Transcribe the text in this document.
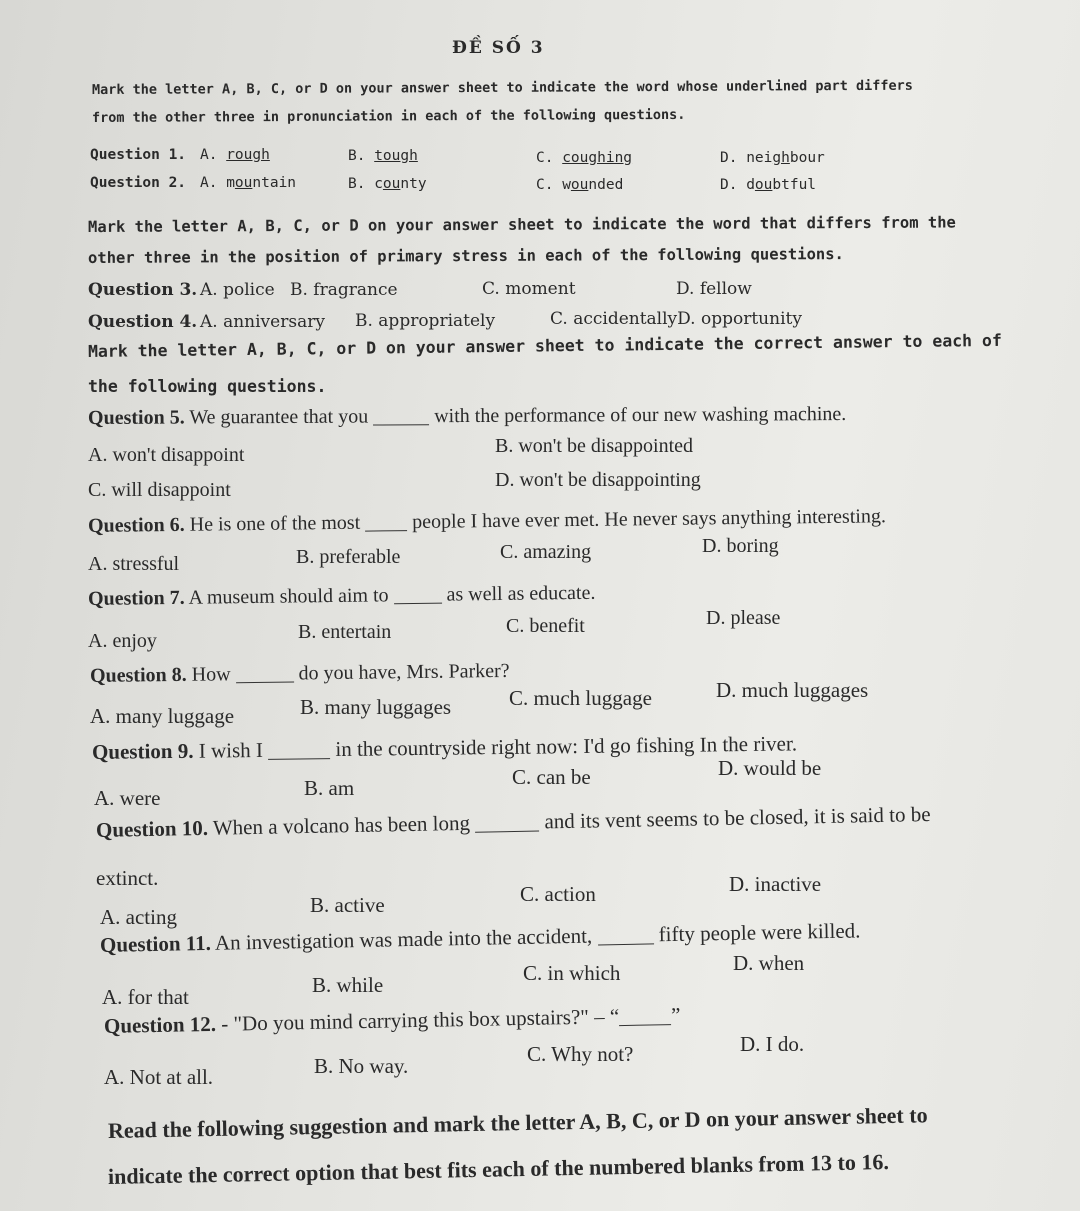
ĐỀ SỐ 3
Mark the letter A, B, C, or D on your answer sheet to indicate the word whose underlined part differs
from the other three in pronunciation in each of the following questions.
Question 1. A. rough	B. tough	C. coughing	D. neighbour
Question 2. A. mountain	B. county	C. wounded	D. doubtful
Mark the letter A, B, C, or D on your answer sheet to indicate the word that differs from the
other three in the position of primary stress in each of the following questions.
Question 3. A. police B. fragrance	C. moment	D. fellow
Question 4. A. anniversary B. appropriately	C. accidentallyD. opportunity
Mark the letter A, B, C, or D on your answer sheet to indicate the correct answer to each of
the following questions.
Question 5. We guarantee that you	with the performance of our new washing machine.
A. won't disappoint	B. won't be disappointed
C. will disappoint	D. won't be disappointing
Question 6. He is one of the most	people I have ever met. He never says anything interesting.
A. stressful	B. preferable	C. amazing	D. boring
Question 7. A museum should aim to	as well as educate.
A. enjoy	B. entertain	C. benefit	D. please
Question 8. How	do you have, Mrs. Parker?
A. many luggage	B. many luggages	C. much luggage	D. much luggages
Question 9. I wish I	in the countryside right now: I'd go fishing In the river.
A. were	B. am	C. can be	D. would be
Question 10. When a volcano has been long	and its vent seems to be closed, it is said to be
extinct.
A. acting	B. active	C. action	D. inactive
Question 11. An investigation was made into the accident,	fifty people were killed.
A. for that	B. while	C. in which	D. when
Question 12. - "Do you mind carrying this box upstairs?" – “ ”
A. Not at all.	B. No way.	C. Why not?	D. I do.
Read the following suggestion and mark the letter A, B, C, or D on your answer sheet to
indicate the correct option that best fits each of the numbered blanks from 13 to 16.
